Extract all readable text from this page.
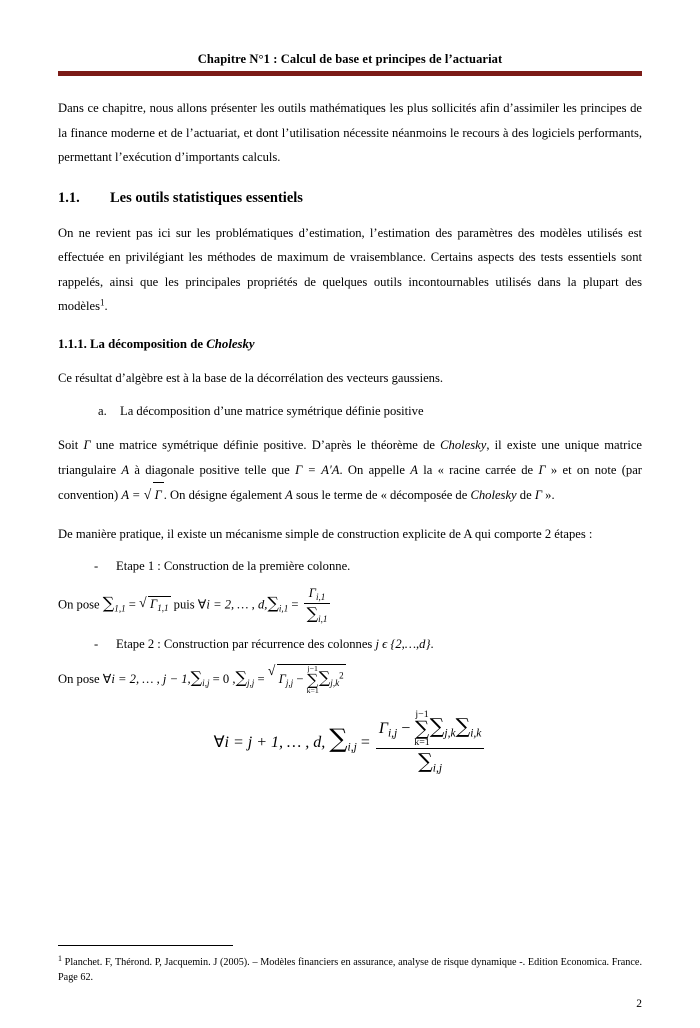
Chapitre N°1 : Calcul de base et principes de l’actuariat

Dans ce chapitre, nous allons présenter les outils mathématiques les plus sollicités afin d’assimiler les principes de la finance moderne et de l’actuariat, et dont l’utilisation nécessite néanmoins le recours à des logiciels performants, permettant l’exécution d’importants calculs.

1.1. Les outils statistiques essentiels

On ne revient pas ici sur les problématiques d’estimation, l’estimation des paramètres des modèles utilisés est effectuée en privilégiant les méthodes de maximum de vraisemblance. Certains aspects des tests essentiels sont rappelés, ainsi que les principales propriétés de quelques outils incontournables utilisés dans la plupart des modèles$^1$.

1.1.1. La décomposition de Cholesky

Ce résultat d’algèbre est à la base de la décorrélation des vecteurs gaussiens.

a. La décomposition d’une matrice symétrique définie positive

Soit Γ une matrice symétrique définie positive. D’après le théorème de Cholesky, il existe une unique matrice triangulaire A à diagonale positive telle que Γ = A′A. On appelle A la « racine carrée de Γ » et on note (par convention) A = √ Γ . On désigne également A sous le terme de « décomposée de Cholesky de Γ ».

De manière pratique, il existe un mécanisme simple de construction explicite de A qui comporte 2 étapes :

- Etape 1 : Construction de la première colonne.

On pose $\sum_{1,1}$ = √ $\Gamma_{1,1}$ puis ∀i = 2, … , $d,\sum_{i,1} = \frac{\Gamma_{i,1}}{\sum_{i,1}}$

- Etape 2 : Construction par récurrence des colonnes j ϵ {2,…,d}.

On pose ∀i = 2, … , $j - 1,\sum_{i,j} = 0$ $,\sum_{j,j}$ = √ $\Gamma_{j,j}$ −
j−1
∑
k=1
$\sum_{j,k}^2$

∀i = j + 1, … , d, $\sum_{i,j} = \Gamma_{i,j}$ −
j−1
∑
k=1
$\sum_{j,k}\sum_{i,k}$
$\sum_{i,j}$

$^1$ Planchet. F, Thérond. P, Jacquemin. J (2005). – Modèles financiers en assurance, analyse de risque dynamique -. Edition Economica. France. Page 62.
2
